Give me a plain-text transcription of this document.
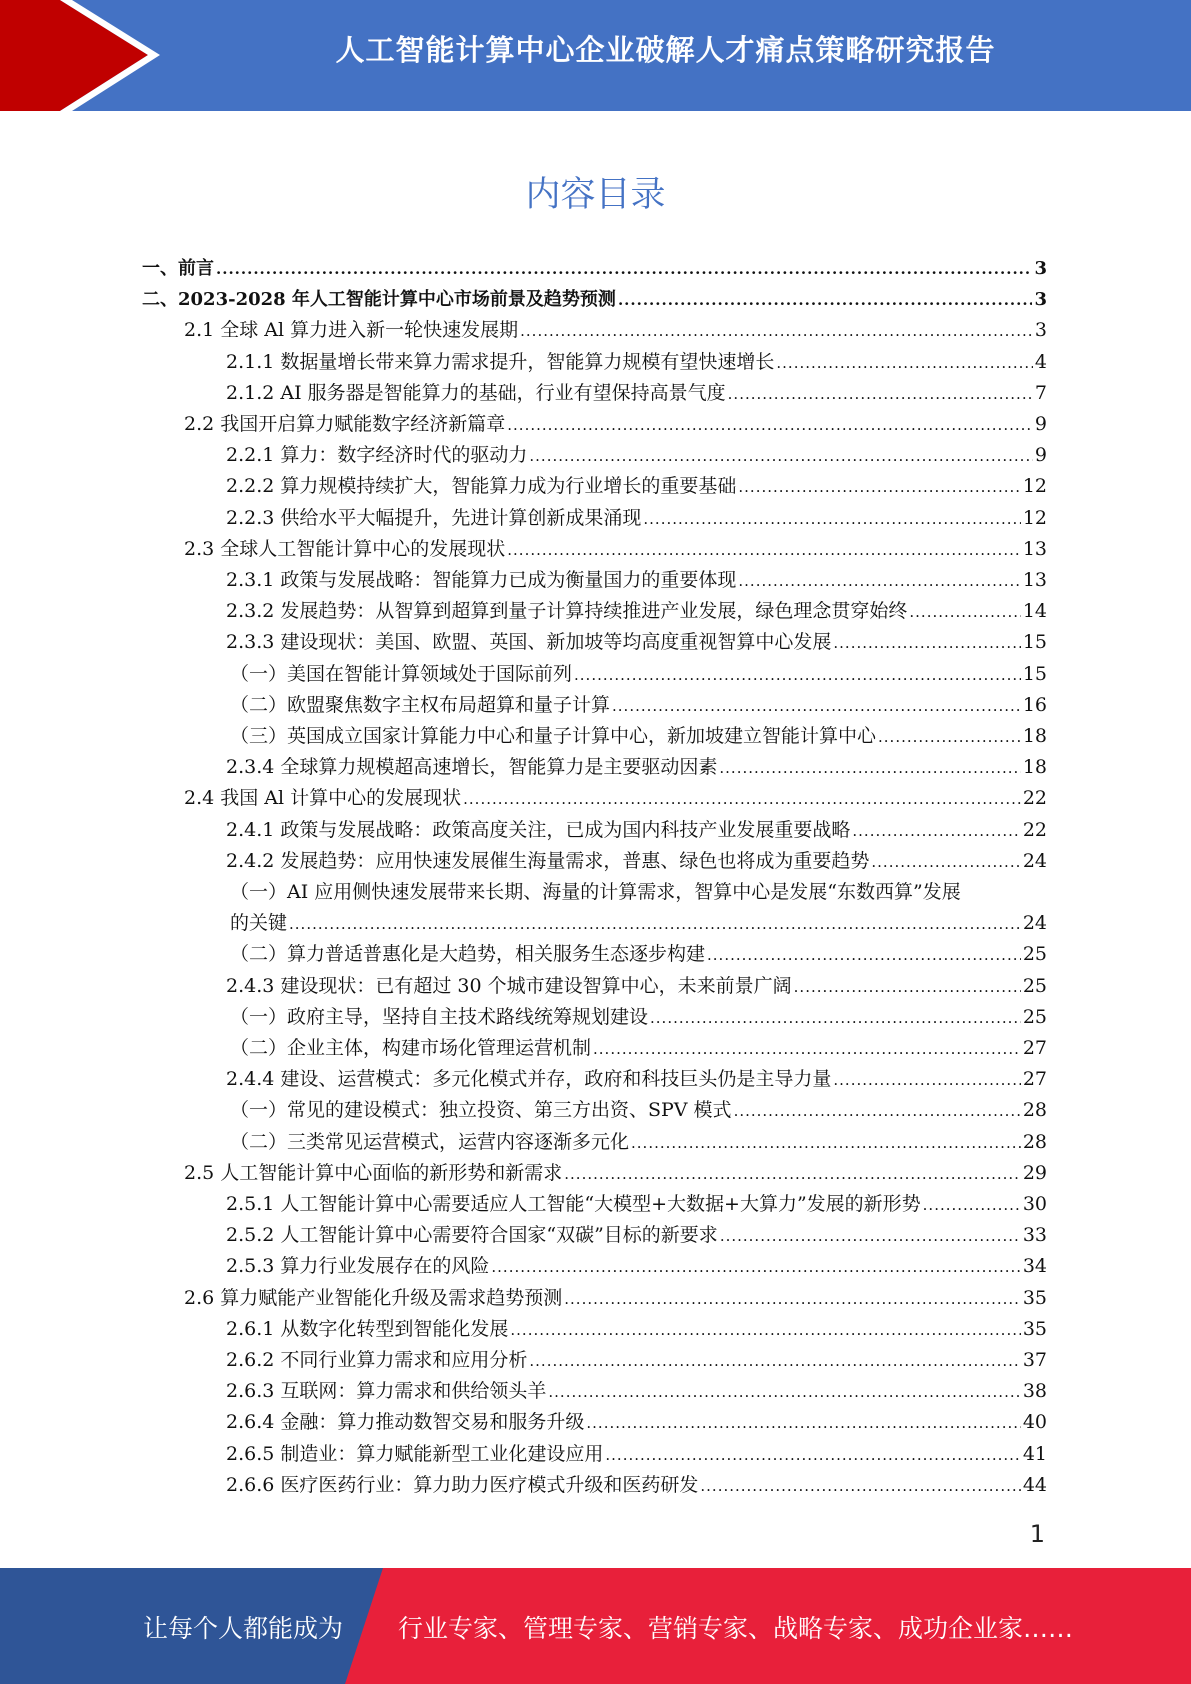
人工智能计算中心企业破解人才痛点策略研究报告
内容目录
一、前言 .....	3
二、2023-2028 年人工智能计算中心市场前景及趋势预测 .....	3
2.1 全球 Al 算力进入新一轮快速发展期 .....	3
2.1.1 数据量增长带来算力需求提升，智能算力规模有望快速增长 .....	4
2.1.2 AI 服务器是智能算力的基础，行业有望保持高景气度 .....	7
2.2 我国开启算力赋能数字经济新篇章 .....	9
2.2.1 算力：数字经济时代的驱动力 .....	9
2.2.2 算力规模持续扩大，智能算力成为行业增长的重要基础 .....	12
2.2.3 供给水平大幅提升，先进计算创新成果涌现 .....	12
2.3 全球人工智能计算中心的发展现状 .....	13
2.3.1 政策与发展战略：智能算力已成为衡量国力的重要体现 .....	13
2.3.2 发展趋势：从智算到超算到量子计算持续推进产业发展，绿色理念贯穿始终 .....	14
2.3.3 建设现状：美国、欧盟、英国、新加坡等均高度重视智算中心发展 .....	15
（一）美国在智能计算领域处于国际前列 .....	15
（二）欧盟聚焦数字主权布局超算和量子计算 .....	16
（三）英国成立国家计算能力中心和量子计算中心，新加坡建立智能计算中心 .....	18
2.3.4 全球算力规模超高速增长，智能算力是主要驱动因素 .....	18
2.4 我国 Al 计算中心的发展现状 .....	22
2.4.1 政策与发展战略：政策高度关注，已成为国内科技产业发展重要战略 .....	22
2.4.2 发展趋势：应用快速发展催生海量需求，普惠、绿色也将成为重要趋势 .....	24
（一）AI 应用侧快速发展带来长期、海量的计算需求，智算中心是发展“东数西算”发展
的关键 .....	24
（二）算力普适普惠化是大趋势，相关服务生态逐步构建 .....	25
2.4.3 建设现状：已有超过 30 个城市建设智算中心，未来前景广阔 .....	25
（一）政府主导，坚持自主技术路线统筹规划建设 .....	25
（二）企业主体，构建市场化管理运营机制 .....	27
2.4.4 建设、运营模式：多元化模式并存，政府和科技巨头仍是主导力量 .....	27
（一）常见的建设模式：独立投资、第三方出资、SPV 模式 .....	28
（二）三类常见运营模式，运营内容逐渐多元化 .....	28
2.5 人工智能计算中心面临的新形势和新需求 .....	29
2.5.1 人工智能计算中心需要适应人工智能“大模型+大数据+大算力”发展的新形势 .....	30
2.5.2 人工智能计算中心需要符合国家“双碳”目标的新要求 .....	33
2.5.3 算力行业发展存在的风险 .....	34
2.6 算力赋能产业智能化升级及需求趋势预测 .....	35
2.6.1 从数字化转型到智能化发展 .....	35
2.6.2 不同行业算力需求和应用分析 .....	37
2.6.3 互联网：算力需求和供给领头羊 .....	38
2.6.4 金融：算力推动数智交易和服务升级 .....	40
2.6.5 制造业：算力赋能新型工业化建设应用 .....	41
2.6.6 医疗医药行业：算力助力医疗模式升级和医药研发 .....	44
1
让每个人都能成为 行业专家、管理专家、营销专家、战略专家、成功企业家……
